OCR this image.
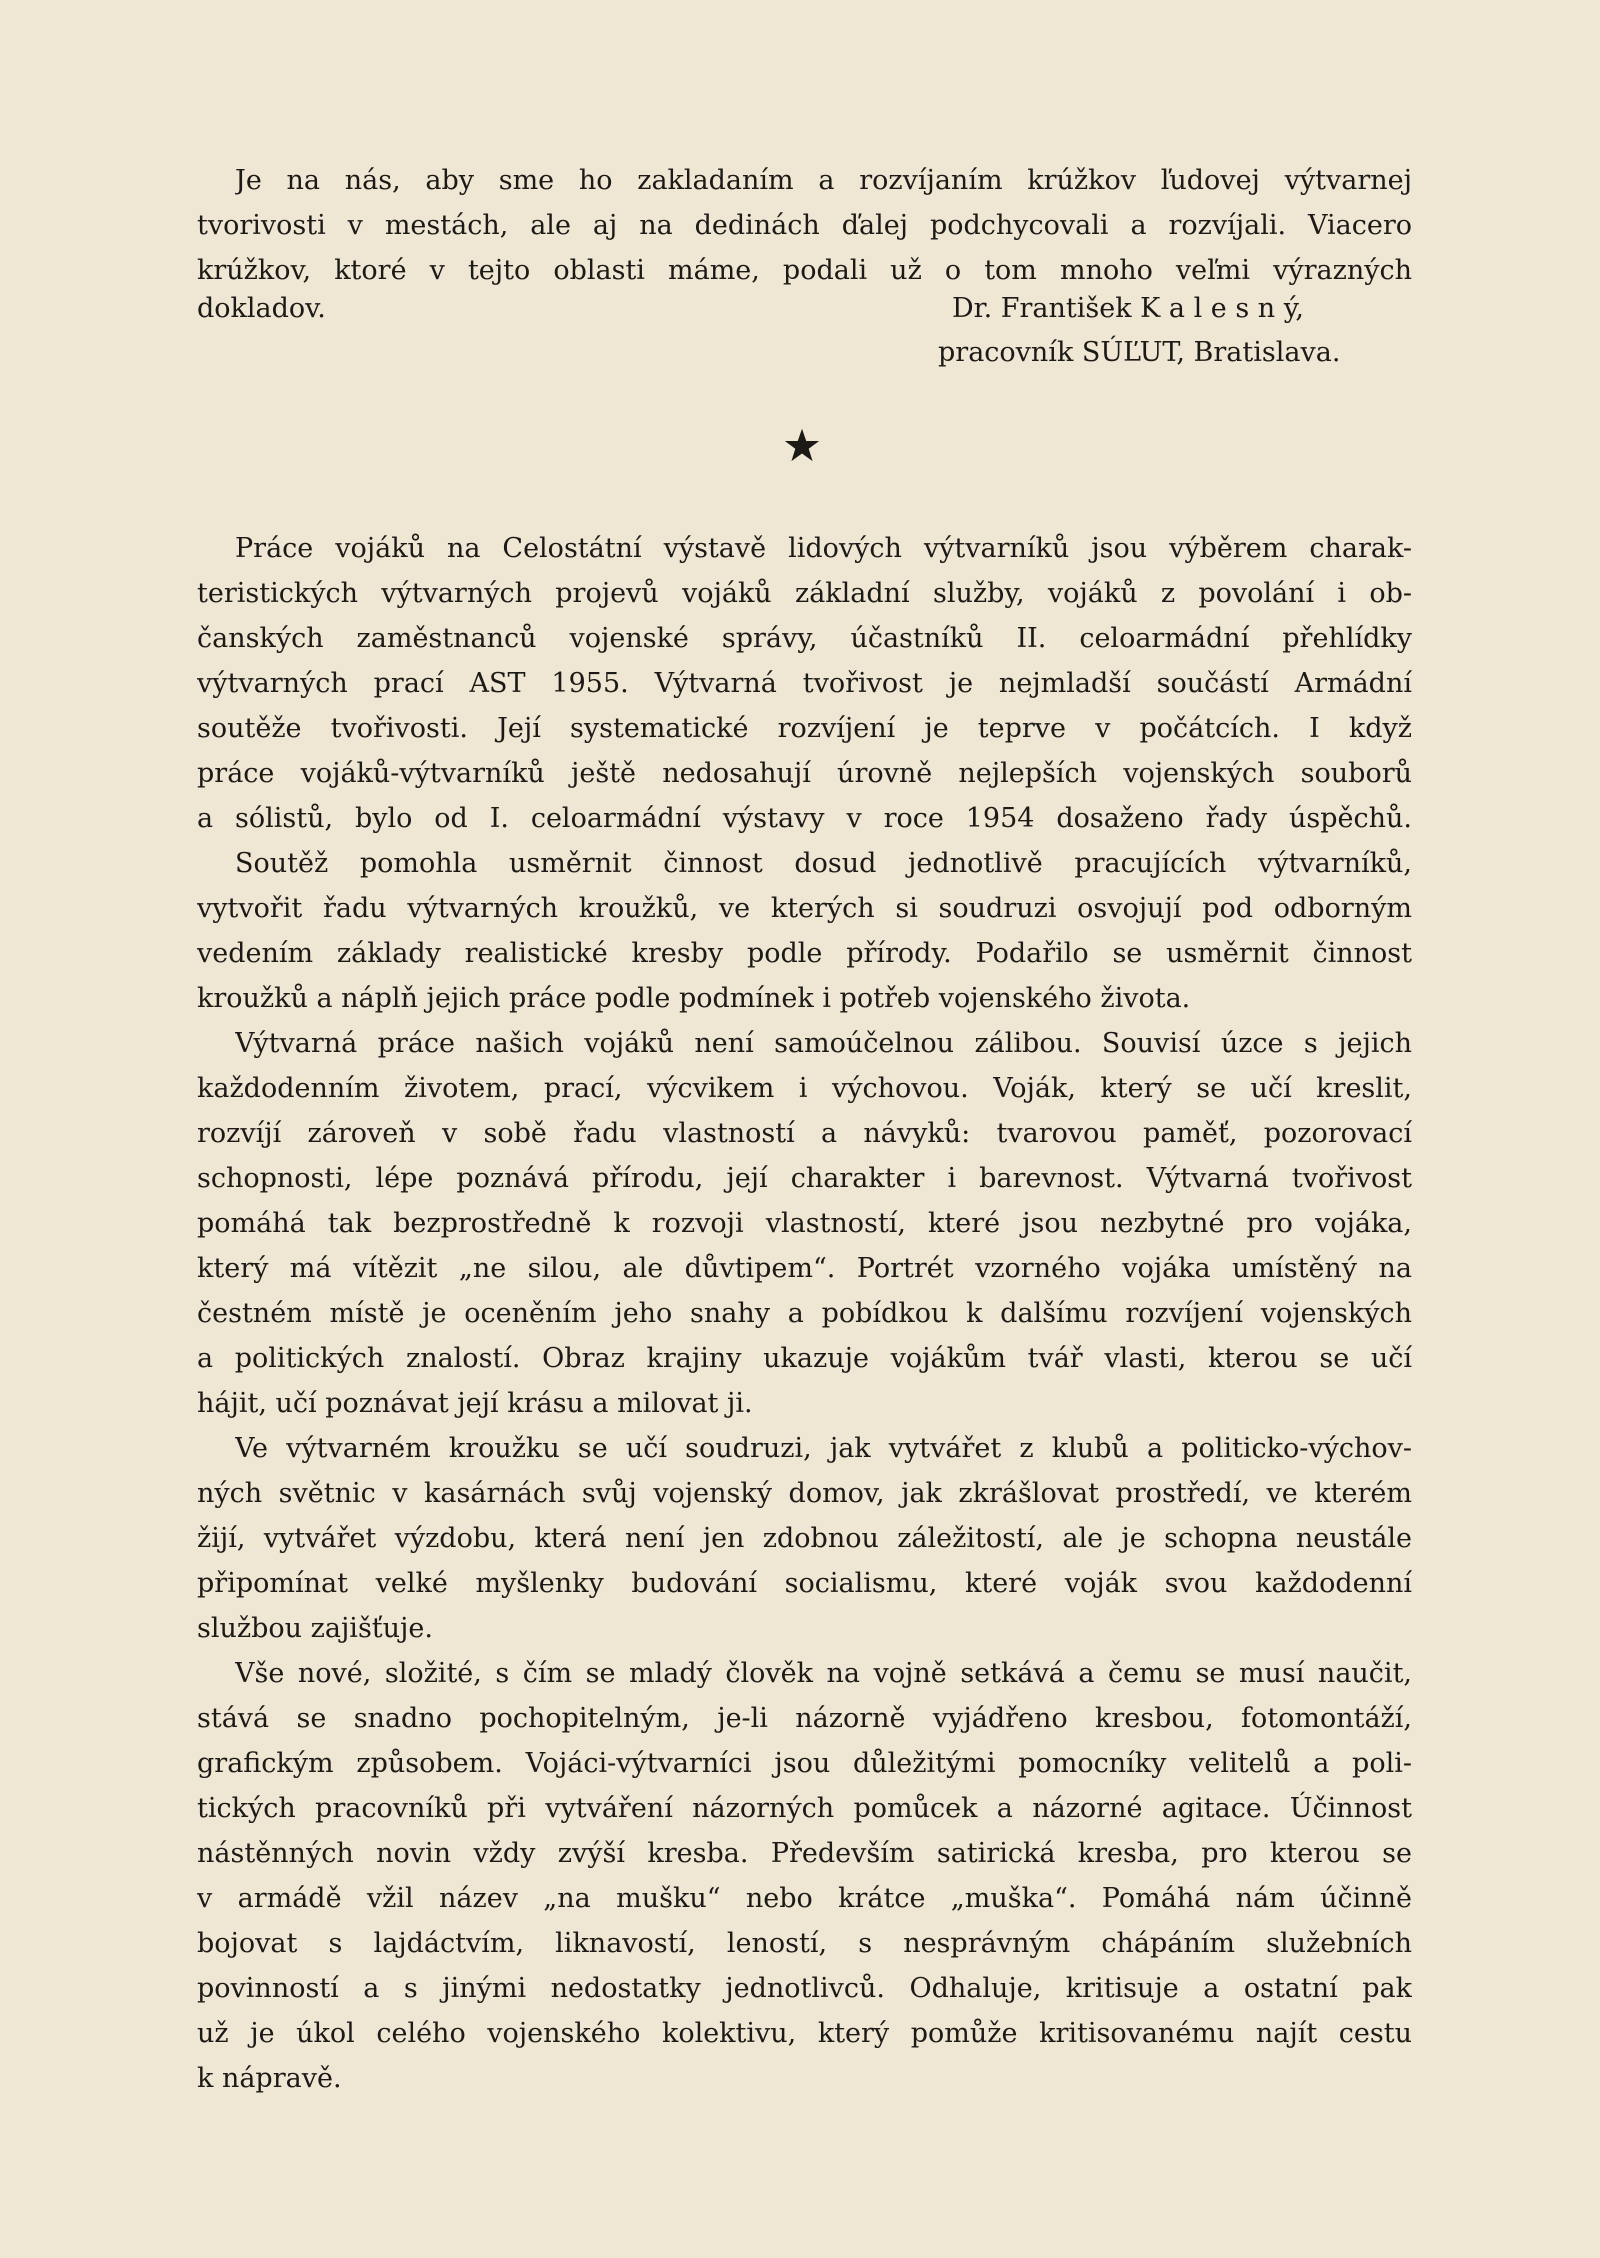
Je na nás, aby sme ho zakladaním a rozvíjaním krúžkov ľudovej výtvarnej
tvorivosti v mestách, ale aj na dedinách ďalej podchycovali a rozvíjali. Viacero
krúžkov, ktoré v tejto oblasti máme, podali už o tom mnoho veľmi výrazných
dokladov.	Dr. František K a l e s n ý,
pracovník SÚĽUT, Bratislava.
Práce vojáků na Celostátní výstavě lidových výtvarníků jsou výběrem charak-
teristických výtvarných projevů vojáků základní služby, vojáků z povolání i ob-
čanských zaměstnanců vojenské správy, účastníků II. celoarmádní přehlídky
výtvarných prací AST 1955. Výtvarná tvořivost je nejmladší součástí Armádní
soutěže tvořivosti. Její systematické rozvíjení je teprve v počátcích. I když
práce vojáků-výtvarníků ještě nedosahují úrovně nejlepších vojenských souborů
a sólistů, bylo od I. celoarmádní výstavy v roce 1954 dosaženo řady úspěchů.
Soutěž pomohla usměrnit činnost dosud jednotlivě pracujících výtvarníků,
vytvořit řadu výtvarných kroužků, ve kterých si soudruzi osvojují pod odborným
vedením základy realistické kresby podle přírody. Podařilo se usměrnit činnost
kroužků a náplň jejich práce podle podmínek i potřeb vojenského života.
Výtvarná práce našich vojáků není samoúčelnou zálibou. Souvisí úzce s jejich
každodenním životem, prací, výcvikem i výchovou. Voják, který se učí kreslit,
rozvíjí zároveň v sobě řadu vlastností a návyků: tvarovou paměť, pozorovací
schopnosti, lépe poznává přírodu, její charakter i barevnost. Výtvarná tvořivost
pomáhá tak bezprostředně k rozvoji vlastností, které jsou nezbytné pro vojáka,
který má vítězit „ne silou, ale důvtipem“. Portrét vzorného vojáka umístěný na
čestném místě je oceněním jeho snahy a pobídkou k dalšímu rozvíjení vojenských
a politických znalostí. Obraz krajiny ukazuje vojákům tvář vlasti, kterou se učí
hájit, učí poznávat její krásu a milovat ji.
Ve výtvarném kroužku se učí soudruzi, jak vytvářet z klubů a politicko-výchov-
ných světnic v kasárnách svůj vojenský domov, jak zkrášlovat prostředí, ve kterém
žijí, vytvářet výzdobu, která není jen zdobnou záležitostí, ale je schopna neustále
připomínat velké myšlenky budování socialismu, které voják svou každodenní
službou zajišťuje.
Vše nové, složité, s čím se mladý člověk na vojně setkává a čemu se musí naučit,
stává se snadno pochopitelným, je-li názorně vyjádřeno kresbou, fotomontáží,
grafickým způsobem. Vojáci-výtvarníci jsou důležitými pomocníky velitelů a poli-
tických pracovníků při vytváření názorných pomůcek a názorné agitace. Účinnost
nástěnných novin vždy zvýší kresba. Především satirická kresba, pro kterou se
v armádě vžil název „na mušku“ nebo krátce „muška“. Pomáhá nám účinně
bojovat s lajdáctvím, liknavostí, leností, s nesprávným chápáním služebních
povinností a s jinými nedostatky jednotlivců. Odhaluje, kritisuje a ostatní pak
už je úkol celého vojenského kolektivu, který pomůže kritisovanému najít cestu
k nápravě.
